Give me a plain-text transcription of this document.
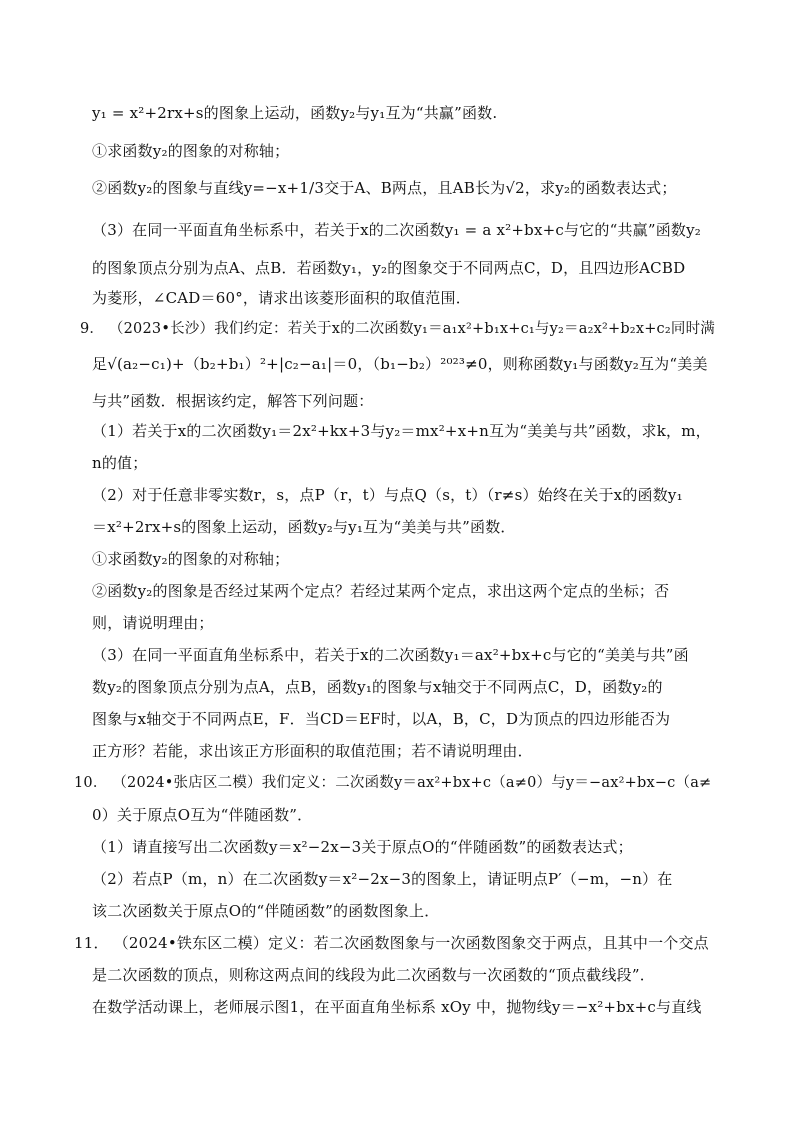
y₁ = x²+2rx+s的图象上运动，函数y₂与y₁互为“共赢”函数.
①求函数y₂的图象的对称轴；
②函数y₂的图象与直线y=−x+1/3交于A、B两点，且AB长为√2，求y₂的函数表达式；
（3）在同一平面直角坐标系中，若关于x的二次函数y₁ = a x²+bx+c与它的“共赢”函数y₂
的图象顶点分别为点A、点B．若函数y₁，y₂的图象交于不同两点C，D，且四边形ACBD
为菱形，∠CAD＝60°，请求出该菱形面积的取值范围．
9． （2023•长沙）我们约定：若关于x的二次函数y₁＝a₁x²+b₁x+c₁与y₂＝a₂x²+b₂x+c₂同时满
足√(a₂−c₁)+（b₂+b₁）²+|c₂−a₁|＝0，（b₁−b₂）²⁰²³≠0，则称函数y₁与函数y₂互为“美美
与共”函数．根据该约定，解答下列问题：
（1）若关于x的二次函数y₁＝2x²+kx+3与y₂＝mx²+x+n互为“美美与共”函数，求k，m，
n的值；
（2）对于任意非零实数r，s，点P（r，t）与点Q（s，t）（r≠s）始终在关于x的函数y₁
＝x²+2rx+s的图象上运动，函数y₂与y₁互为“美美与共”函数．
①求函数y₂的图象的对称轴；
②函数y₂的图象是否经过某两个定点？若经过某两个定点，求出这两个定点的坐标；否
则，请说明理由；
（3）在同一平面直角坐标系中，若关于x的二次函数y₁＝ax²+bx+c与它的“美美与共”函
数y₂的图象顶点分别为点A，点B，函数y₁的图象与x轴交于不同两点C，D，函数y₂的
图象与x轴交于不同两点E，F．当CD＝EF时，以A，B，C，D为顶点的四边形能否为
正方形？若能，求出该正方形面积的取值范围；若不请说明理由．
10． （2024•张店区二模）我们定义：二次函数y＝ax²+bx+c（a≠0）与y＝−ax²+bx−c（a≠
0）关于原点O互为“伴随函数”．
（1）请直接写出二次函数y＝x²−2x−3关于原点O的“伴随函数”的函数表达式；
（2）若点P（m，n）在二次函数y＝x²−2x−3的图象上，请证明点P′（−m，−n）在
该二次函数关于原点O的“伴随函数”的函数图象上．
11． （2024•铁东区二模）定义：若二次函数图象与一次函数图象交于两点，且其中一个交点
是二次函数的顶点，则称这两点间的线段为此二次函数与一次函数的“顶点截线段”．
在数学活动课上，老师展示图1，在平面直角坐标系 xOy 中，抛物线y＝−x²+bx+c与直线
